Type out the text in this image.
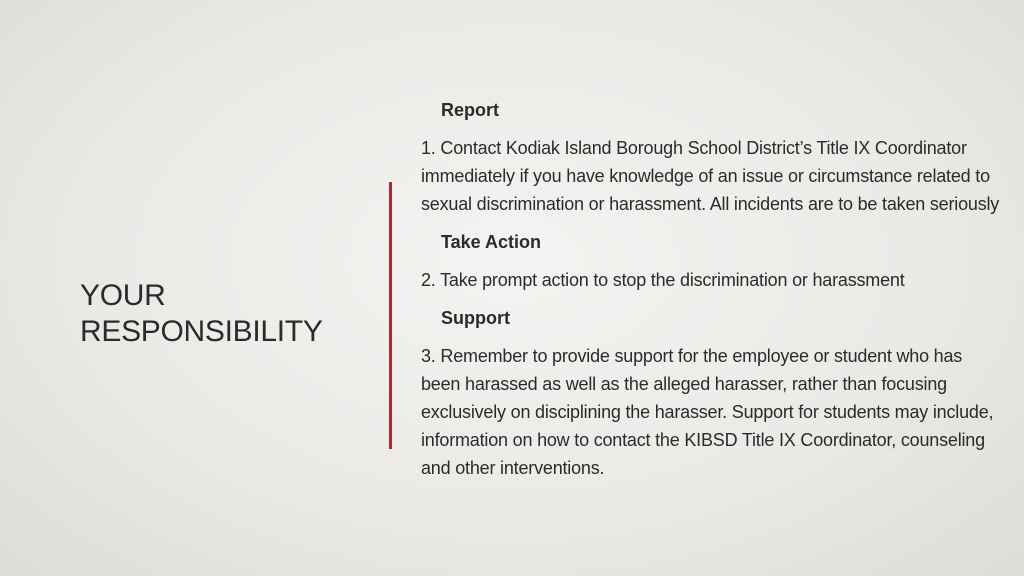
YOUR
RESPONSIBILITY

Report

1. Contact Kodiak Island Borough School District’s Title IX Coordinator immediately if you have knowledge of an issue or circumstance related to sexual discrimination or harassment. All incidents are to be taken seriously

Take Action

2. Take prompt action to stop the discrimination or harassment

Support

3. Remember to provide support for the employee or student who has been harassed as well as the alleged harasser, rather than focusing exclusively on disciplining the harasser. Support for students may include, information on how to contact the KIBSD Title IX Coordinator, counseling and other interventions.
